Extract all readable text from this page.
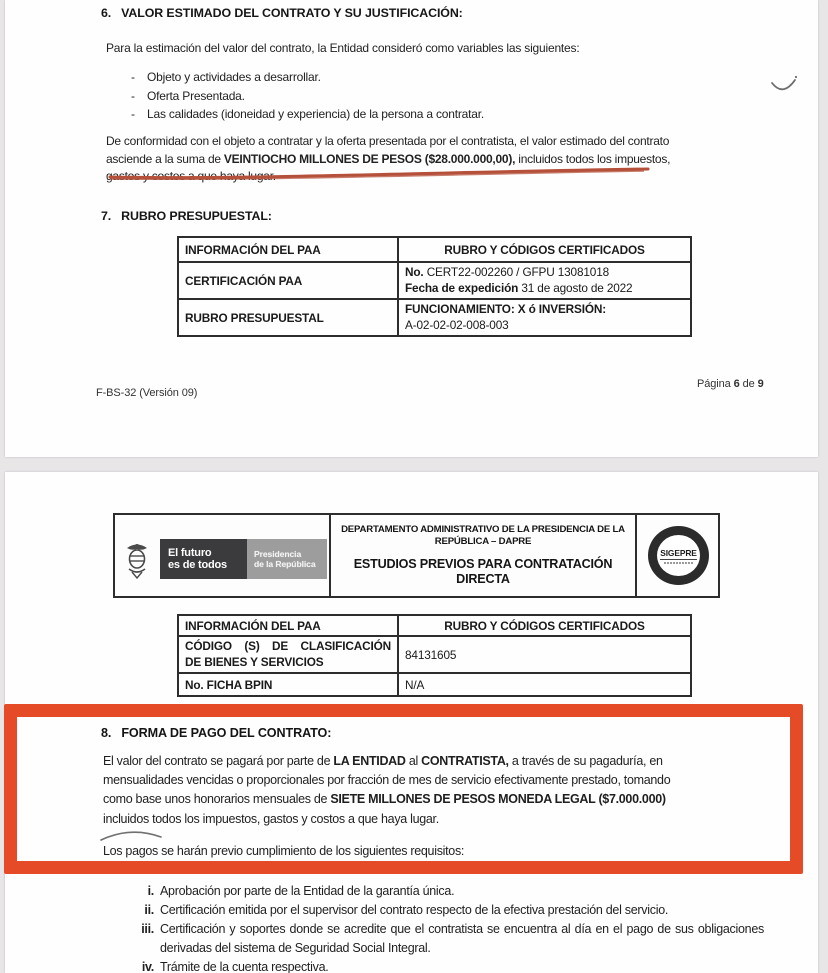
6. VALOR ESTIMADO DEL CONTRATO Y SU JUSTIFICACIÓN:
Para la estimación del valor del contrato, la Entidad consideró como variables las siguientes:
-	Objeto y actividades a desarrollar.
-	Oferta Presentada.
-	Las calidades (idoneidad y experiencia) de la persona a contratar.
De conformidad con el objeto a contratar y la oferta presentada por el contratista, el valor estimado del contrato
asciende a la suma de VEINTIOCHO MILLONES DE PESOS ($28.000.000,00), incluidos todos los impuestos,
gastos y costos a que haya lugar.
7. RUBRO PRESUPUESTAL:
INFORMACIÓN DEL PAA	RUBRO Y CÓDIGOS CERTIFICADOS
CERTIFICACIÓN PAA	No. CERT22-002260 / GFPU 13081018
Fecha de expedición 31 de agosto de 2022

RUBRO PRESUPUESTAL	FUNCIONAMIENTO: X ó INVERSIÓN:
A-02-02-02-008-003
F-BS-32 (Versión 09)
Página 6 de 9
El futuro
es de todos
Presidencia
de la República
DEPARTAMENTO ADMINISTRATIVO DE LA PRESIDENCIA DE LA
REPÚBLICA – DAPRE
ESTUDIOS PREVIOS PARA CONTRATACIÓN
DIRECTA
SIGEPRE
INFORMACIÓN DEL PAA	RUBRO Y CÓDIGOS CERTIFICADOS

CÓDIGO (S) DE CLASIFICACIÓN
DE BIENES Y SERVICIOS	84131605
No. FICHA BPIN	N/A
8. FORMA DE PAGO DEL CONTRATO:
El valor del contrato se pagará por parte de LA ENTIDAD al CONTRATISTA, a través de su pagaduría, en
mensualidades vencidas o proporcionales por fracción de mes de servicio efectivamente prestado, tomando
como base unos honorarios mensuales de SIETE MILLONES DE PESOS MONEDA LEGAL ($7.000.000)
incluidos todos los impuestos, gastos y costos a que haya lugar.
Los pagos se harán previo cumplimiento de los siguientes requisitos:
i. Aprobación por parte de la Entidad de la garantía única.
ii. Certificación emitida por el supervisor del contrato respecto de la efectiva prestación del servicio.
iii. Certificación y soportes donde se acredite que el contratista se encuentra al día en el pago de sus obligaciones derivadas del sistema de Seguridad Social Integral.
iv. Trámite de la cuenta respectiva.
